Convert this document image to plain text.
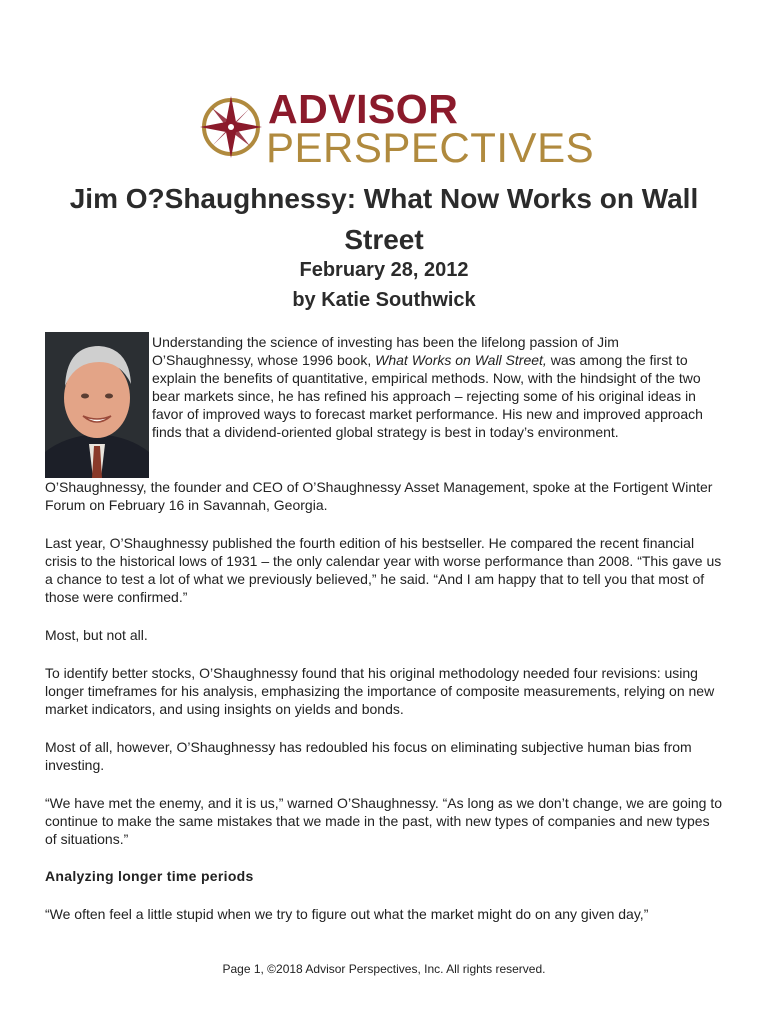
ADVISOR
PERSPECTIVES
Jim O?Shaughnessy: What Now Works on Wall Street
February 28, 2012
by Katie Southwick
Understanding the science of investing has been the lifelong passion of Jim O’Shaughnessy, whose 1996 book, What Works on Wall Street, was among the first to explain the benefits of quantitative, empirical methods. Now, with the hindsight of the two bear markets since, he has refined his approach – rejecting some of his original ideas in favor of improved ways to forecast market performance. His new and improved approach finds that a dividend-oriented global strategy is best in today’s environment.
O’Shaughnessy, the founder and CEO of O’Shaughnessy Asset Management, spoke at the Fortigent Winter Forum on February 16 in Savannah, Georgia.
Last year, O’Shaughnessy published the fourth edition of his bestseller. He compared the recent financial crisis to the historical lows of 1931 – the only calendar year with worse performance than 2008. “This gave us a chance to test a lot of what we previously believed,” he said. “And I am happy that to tell you that most of those were confirmed.”
Most, but not all.
To identify better stocks, O’Shaughnessy found that his original methodology needed four revisions: using longer timeframes for his analysis, emphasizing the importance of composite measurements, relying on new market indicators, and using insights on yields and bonds.
Most of all, however, O’Shaughnessy has redoubled his focus on eliminating subjective human bias from investing.
“We have met the enemy, and it is us,” warned O’Shaughnessy. “As long as we don’t change, we are going to continue to make the same mistakes that we made in the past, with new types of companies and new types of situations.”
Analyzing longer time periods
“We often feel a little stupid when we try to figure out what the market might do on any given day,”
Page 1, ©2018 Advisor Perspectives, Inc. All rights reserved.
